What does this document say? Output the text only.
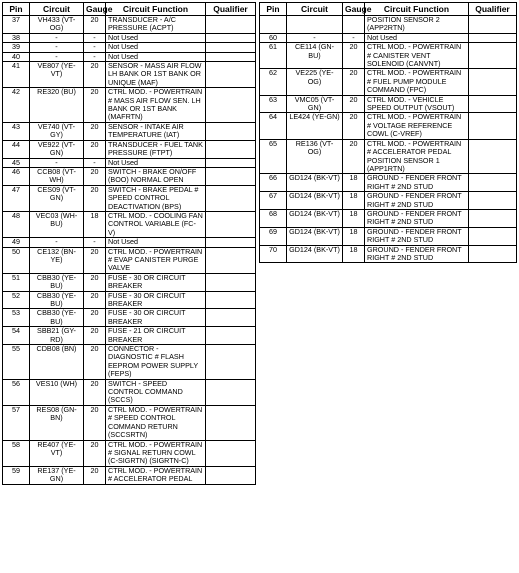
Pin	Circuit	Gauge	Circuit Function	Qualifier
37	VH433 (VT-OG)	20	TRANSDUCER - A/C PRESSURE (ACPT)	
38	-	-	Not Used	
39	-	-	Not Used	
40	-	-	Not Used	
41	VE807 (YE-VT)	20	SENSOR - MASS AIR FLOW LH BANK OR 1ST BANK OR UNIQUE (MAF)	
42	RE320 (BU)	20	CTRL MOD. - POWERTRAIN # MASS AIR FLOW SEN. LH BANK OR 1ST BANK (MAFRTN)	
43	VE740 (VT-GY)	20	SENSOR - INTAKE AIR TEMPERATURE (IAT)	
44	VE922 (VT-GN)	20	TRANSDUCER - FUEL TANK PRESSURE (FTPT)	
45	-	-	Not Used	
46	CCB08 (VT-WH)	20	SWITCH - BRAKE ON/OFF (BOO) NORMAL OPEN	
47	CES09 (VT-GN)	20	SWITCH - BRAKE PEDAL # SPEED CONTROL DEACTIVATION (BPS)	
48	VEC03 (WH-BU)	18	CTRL MOD. - COOLING FAN CONTROL VARIABLE (FC-V)	
49	-	-	Not Used	
50	CE132 (BN-YE)	20	CTRL MOD. - POWERTRAIN # EVAP CANISTER PURGE VALVE	
51	CBB30 (YE-BU)	20	FUSE - 30 OR CIRCUIT BREAKER	
52	CBB30 (YE-BU)	20	FUSE - 30 OR CIRCUIT BREAKER	
53	CBB30 (YE-BU)	20	FUSE - 30 OR CIRCUIT BREAKER	
54	SBB21 (GY-RD)	20	FUSE - 21 OR CIRCUIT BREAKER	
55	CDB08 (BN)	20	CONNECTOR - DIAGNOSTIC # FLASH EEPROM POWER SUPPLY (FEPS)	
56	VES10 (WH)	20	SWITCH - SPEED CONTROL COMMAND (SCCS)	
57	RES08 (GN-BN)	20	CTRL MOD. - POWERTRAIN # SPEED CONTROL COMMAND RETURN (SCCSRTN)	
58	RE407 (YE-VT)	20	CTRL MOD. - POWERTRAIN # SIGNAL RETURN COWL (C-SIGRTN) (SIGRTN-C)	
59	RE137 (YE-GN)	20	CTRL MOD. - POWERTRAIN # ACCELERATOR PEDAL	
Pin	Circuit	Gauge	Circuit Function	Qualifier
			POSITION SENSOR 2 (APP2RTN)	
60	-	-	Not Used	
61	CE114 (GN-BU)	20	CTRL MOD. - POWERTRAIN # CANISTER VENT SOLENOID (CANVNT)	
62	VE225 (YE-OG)	20	CTRL MOD. - POWERTRAIN # FUEL PUMP MODULE COMMAND (FPC)	
63	VMC05 (VT-GN)	20	CTRL MOD. - VEHICLE SPEED OUTPUT (VSOUT)	
64	LE424 (YE-GN)	20	CTRL MOD. - POWERTRAIN # VOLTAGE REFERENCE COWL (C-VREF)	
65	RE136 (VT-OG)	20	CTRL MOD. - POWERTRAIN # ACCELERATOR PEDAL POSITION SENSOR 1 (APP1RTN)	
66	GD124 (BK-VT)	18	GROUND - FENDER FRONT RIGHT # 2ND STUD	
67	GD124 (BK-VT)	18	GROUND - FENDER FRONT RIGHT # 2ND STUD	
68	GD124 (BK-VT)	18	GROUND - FENDER FRONT RIGHT # 2ND STUD	
69	GD124 (BK-VT)	18	GROUND - FENDER FRONT RIGHT # 2ND STUD	
70	GD124 (BK-VT)	18	GROUND - FENDER FRONT RIGHT # 2ND STUD	
